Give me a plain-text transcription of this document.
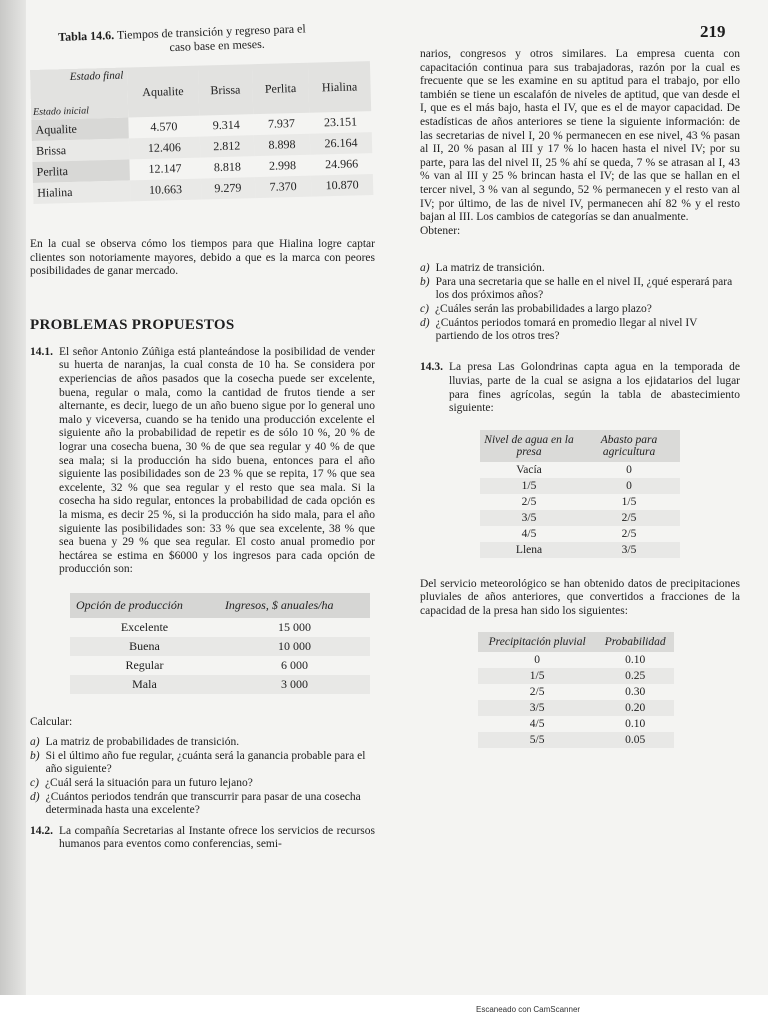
219
Tabla 14.6. Tiempos de transición y regreso para el
caso base en meses.
Estado final
Estado inicial	Aqualite	Brissa	Perlita	Hialina
Aqualite	4.570	9.314	7.937	23.151
Brissa	12.406	2.812	8.898	26.164
Perlita	12.147	8.818	2.998	24.966
Hialina	10.663	9.279	7.370	10.870

En la cual se observa cómo los tiempos para que Hialina logre captar clientes son notoriamente mayores, debido a que es la marca con peores posibilidades de ganar mercado.

PROBLEMAS PROPUESTOS
14.1. El señor Antonio Zúñiga está planteándose la posibilidad de vender su huerta de naranjas, la cual consta de 10 ha. Se considera por experiencias de años pasados que la cosecha puede ser excelente, buena, regular o mala, como la cantidad de frutos tiende a ser alternante, es decir, luego de un año bueno sigue por lo general uno malo y viceversa, cuando se ha tenido una producción excelente el siguiente año la probabilidad de repetir es de sólo 10 %, 20 % de lograr una cosecha buena, 30 % de que sea regular y 40 % de que sea mala; si la producción ha sido buena, entonces para el año siguiente las posibilidades son de 23 % que se repita, 17 % que sea excelente, 32 % que sea regular y el resto que sea mala. Si la cosecha ha sido regular, entonces la probabilidad de cada opción es la misma, es decir 25 %, si la producción ha sido mala, para el año siguiente las posibilidades son: 33 % que sea excelente, 38 % que sea buena y 29 % que sea regular. El costo anual promedio por hectárea se estima en $6000 y los ingresos para cada opción de producción son:

Opción de producción	Ingresos, $ anuales/ha
Excelente	15 000
Buena	10 000
Regular	6 000
Mala	3 000
Calcular:
a) La matriz de probabilidades de transición.
b) Si el último año fue regular, ¿cuánta será la ganancia probable para el año siguiente?
c) ¿Cuál será la situación para un futuro lejano?
d) ¿Cuántos periodos tendrán que transcurrir para pasar de una cosecha determinada hasta una excelente?
14.2. La compañía Secretarias al Instante ofrece los servicios de recursos humanos para eventos como conferencias, semi-

narios, congresos y otros similares. La empresa cuenta con capacitación continua para sus trabajadoras, razón por la cual es frecuente que se les examine en su aptitud para el trabajo, por ello también se tiene un escalafón de niveles de aptitud, que van desde el I, que es el más bajo, hasta el IV, que es el de mayor capacidad. De estadísticas de años anteriores se tiene la siguiente información: de las secretarias de nivel I, 20 % permanecen en ese nivel, 43 % pasan al II, 20 % pasan al III y 17 % lo hacen hasta el nivel IV; por su parte, para las del nivel II, 25 % ahí se queda, 7 % se atrasan al I, 43 % van al III y 25 % brincan hasta el IV; de las que se hallan en el tercer nivel, 3 % van al segundo, 52 % permanecen y el resto van al IV; por último, de las de nivel IV, permanecen ahí 82 % y el resto bajan al III. Los cambios de categorías se dan anualmente.

Obtener:
a) La matriz de transición.
b) Para una secretaria que se halle en el nivel II, ¿qué esperará para los dos próximos años?
c) ¿Cuáles serán las probabilidades a largo plazo?
d) ¿Cuántos periodos tomará en promedio llegar al nivel IV partiendo de los otros tres?
14.3. La presa Las Golondrinas capta agua en la temporada de lluvias, parte de la cual se asigna a los ejidatarios del lugar para fines agrícolas, según la tabla de abastecimiento siguiente:

Nivel de agua en la presa	Abasto para agricultura
Vacía	0
1/5	0
2/5	1/5
3/5	2/5
4/5	2/5
Llena	3/5

Del servicio meteorológico se han obtenido datos de precipitaciones pluviales de años anteriores, que convertidos a fracciones de la capacidad de la presa han sido los siguientes:

Precipitación pluvial	Probabilidad
0	0.10
1/5	0.25
2/5	0.30
3/5	0.20
4/5	0.10
5/5	0.05
Escaneado con CamScanner
